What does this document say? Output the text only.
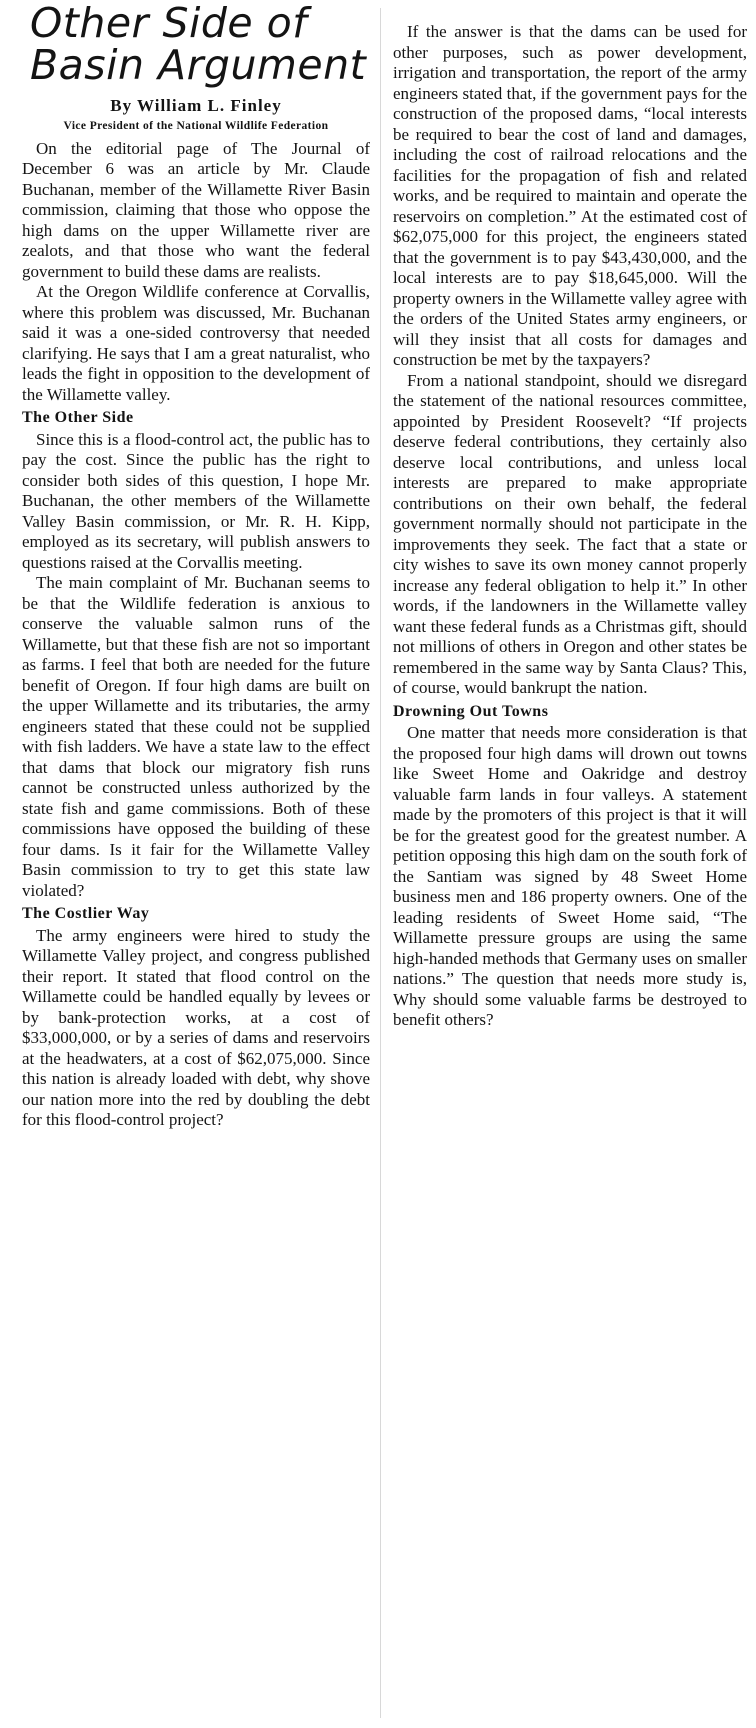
Other Side of
Basin Argument
By William L. Finley
Vice President of the National Wildlife Federation

On the editorial page of The Journal of December 6 was an article by Mr. Claude Buchanan, member of the Willamette River Basin commission, claiming that those who oppose the high dams on the upper Willamette river are zealots, and that those who want the federal government to build these dams are realists.

At the Oregon Wildlife conference at Corvallis, where this problem was discussed, Mr. Buchanan said it was a one-sided controversy that needed clarifying. He says that I am a great naturalist, who leads the fight in opposition to the development of the Willamette valley.

The Other Side

Since this is a flood-control act, the public has to pay the cost. Since the public has the right to consider both sides of this question, I hope Mr. Buchanan, the other members of the Willamette Valley Basin commission, or Mr. R. H. Kipp, employed as its secretary, will publish answers to questions raised at the Corvallis meeting.

The main complaint of Mr. Buchanan seems to be that the Wildlife federation is anxious to conserve the valuable salmon runs of the Willamette, but that these fish are not so important as farms. I feel that both are needed for the future benefit of Oregon. If four high dams are built on the upper Willamette and its tributaries, the army engineers stated that these could not be supplied with fish ladders. We have a state law to the effect that dams that block our migratory fish runs cannot be constructed unless authorized by the state fish and game commissions. Both of these commissions have opposed the building of these four dams. Is it fair for the Willamette Valley Basin commission to try to get this state law violated?

The Costlier Way

The army engineers were hired to study the Willamette Valley project, and congress published their report. It stated that flood control on the Willamette could be handled equally by levees or by bank-protection works, at a cost of $33,000,000, or by a series of dams and reservoirs at the headwaters, at a cost of $62,075,000. Since this nation is already loaded with debt, why shove our nation more into the red by doubling the debt for this flood-control project?

If the answer is that the dams can be used for other purposes, such as power development, irrigation and transportation, the report of the army engineers stated that, if the government pays for the construction of the proposed dams, “local interests be required to bear the cost of land and damages, including the cost of railroad relocations and the facilities for the propagation of fish and related works, and be required to maintain and operate the reservoirs on completion.” At the estimated cost of $62,075,000 for this project, the engineers stated that the government is to pay $43,430,000, and the local interests are to pay $18,645,000. Will the property owners in the Willamette valley agree with the orders of the United States army engineers, or will they insist that all costs for damages and construction be met by the taxpayers?

From a national standpoint, should we disregard the statement of the national resources committee, appointed by President Roosevelt? “If projects deserve federal contributions, they certainly also deserve local contributions, and unless local interests are prepared to make appropriate contributions on their own behalf, the federal government normally should not participate in the improvements they seek. The fact that a state or city wishes to save its own money cannot properly increase any federal obligation to help it.” In other words, if the landowners in the Willamette valley want these federal funds as a Christmas gift, should not millions of others in Oregon and other states be remembered in the same way by Santa Claus? This, of course, would bankrupt the nation.

Drowning Out Towns

One matter that needs more consideration is that the proposed four high dams will drown out towns like Sweet Home and Oakridge and destroy valuable farm lands in four valleys. A statement made by the promoters of this project is that it will be for the greatest good for the greatest number. A petition opposing this high dam on the south fork of the Santiam was signed by 48 Sweet Home business men and 186 property owners. One of the leading residents of Sweet Home said, “The Willamette pressure groups are using the same high-handed methods that Germany uses on smaller nations.” The question that needs more study is, Why should some valuable farms be destroyed to benefit others?
